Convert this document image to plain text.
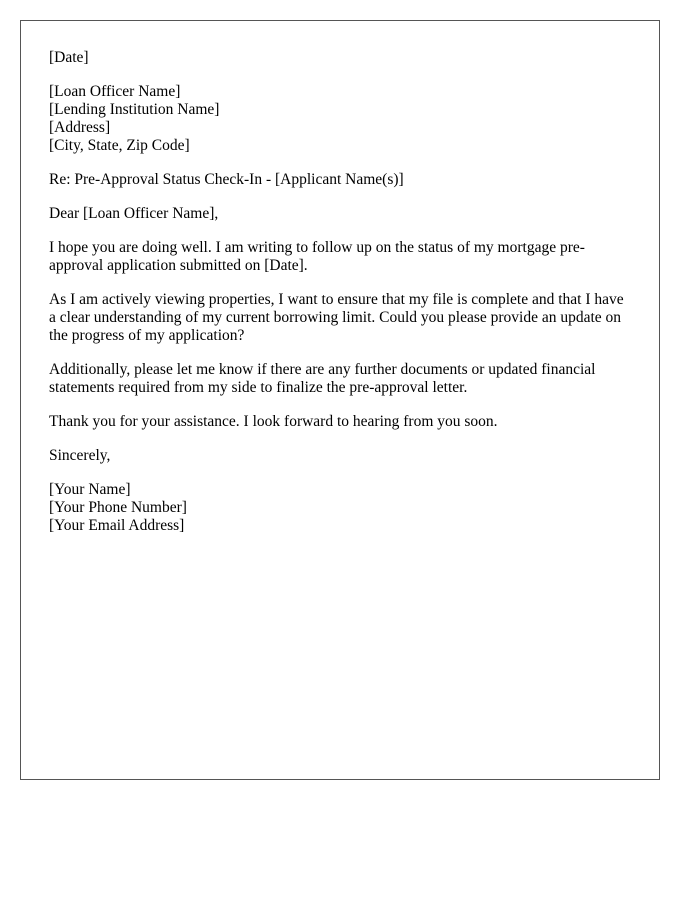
[Date]
[Loan Officer Name]
[Lending Institution Name]
[Address]
[City, State, Zip Code]
Re: Pre-Approval Status Check-In - [Applicant Name(s)]
Dear [Loan Officer Name],

I hope you are doing well. I am writing to follow up on the status of my mortgage pre-approval application submitted on [Date].

As I am actively viewing properties, I want to ensure that my file is complete and that I have a clear understanding of my current borrowing limit. Could you please provide an update on the progress of my application?

Additionally, please let me know if there are any further documents or updated financial statements required from my side to finalize the pre-approval letter.

Thank you for your assistance. I look forward to hearing from you soon.

Sincerely,
[Your Name]
[Your Phone Number]
[Your Email Address]
